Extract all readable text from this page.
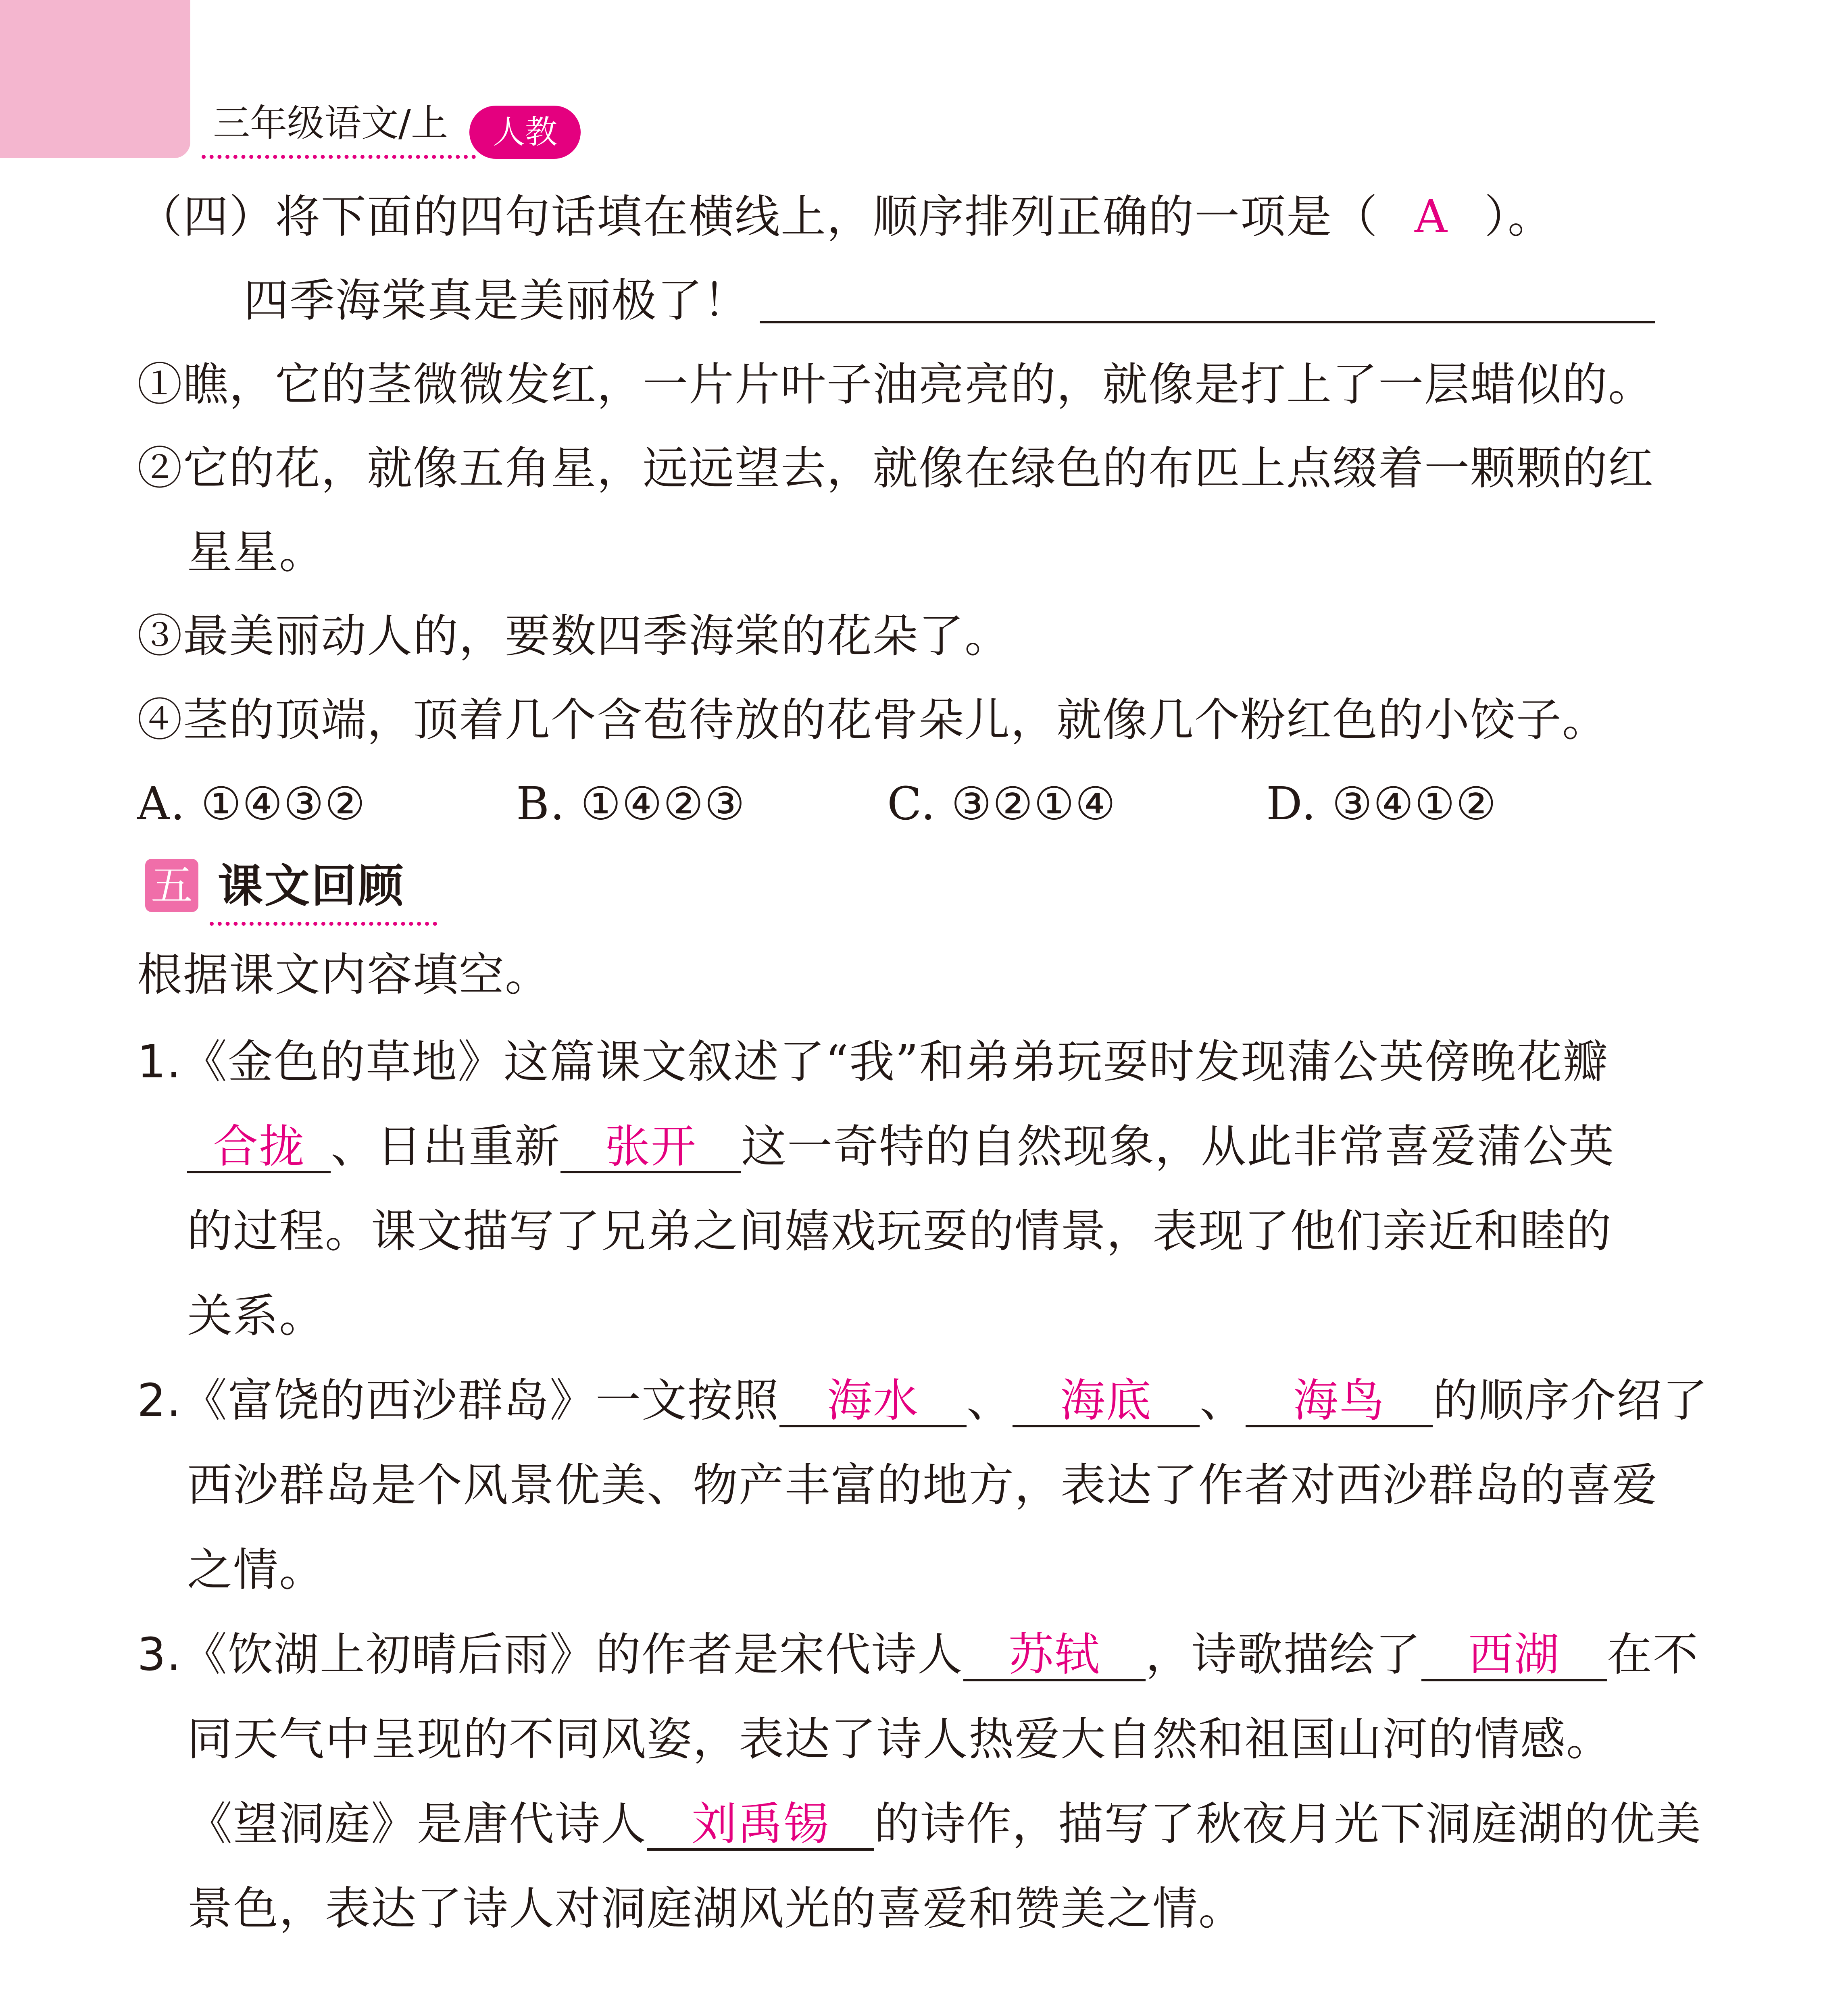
三年级语文/上	人教
（四）将下面的四句话填在横线上，顺序排列正确的一项是（ A ）。
四季海棠真是美丽极了！
①瞧，它的茎微微发红，一片片叶子油亮亮的，就像是打上了一层蜡似的。
②它的花，就像五角星，远远望去，就像在绿色的布匹上点缀着一颗颗的红
星星。
③最美丽动人的，要数四季海棠的花朵了。
④茎的顶端，顶着几个含苞待放的花骨朵儿，就像几个粉红色的小饺子。
A. ①④③②	B. ①④②③	C. ③②①④	D. ③④①②
五 课文回顾
根据课文内容填空。
1.《金色的草地》这篇课文叙述了“我”和弟弟玩耍时发现蒲公英傍晚花瓣
合拢 、日出重新 张开 这一奇特的自然现象，从此非常喜爱蒲公英
的过程。课文描写了兄弟之间嬉戏玩耍的情景，表现了他们亲近和睦的
关系。
2.《富饶的西沙群岛》一文按照 海水 、 海底 、 海鸟 的顺序介绍了
西沙群岛是个风景优美、物产丰富的地方，表达了作者对西沙群岛的喜爱
之情。
3.《饮湖上初晴后雨》的作者是宋代诗人 苏轼 ，诗歌描绘了 西湖 在不
同天气中呈现的不同风姿，表达了诗人热爱大自然和祖国山河的情感。
《望洞庭》是唐代诗人 刘禹锡 的诗作，描写了秋夜月光下洞庭湖的优美
景色，表达了诗人对洞庭湖风光的喜爱和赞美之情。
